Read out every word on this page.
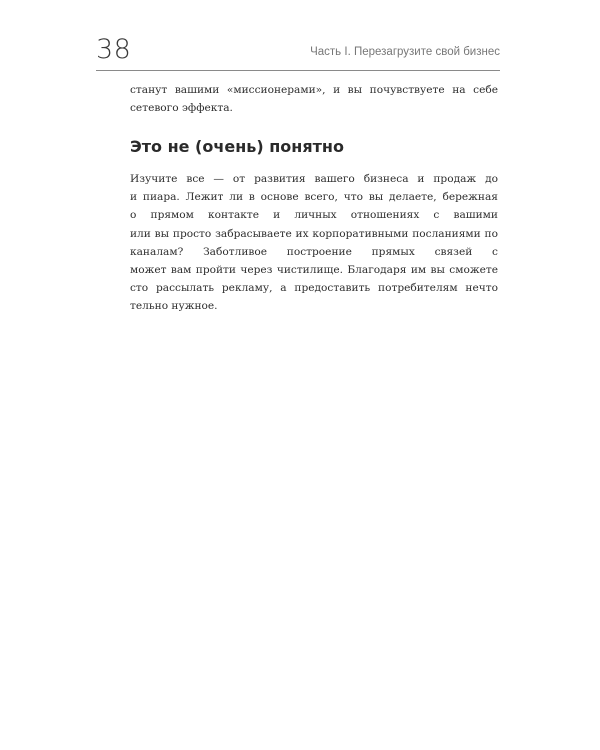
38	Часть I. Перезагрузите свой бизнес
станут вашими «миссионерами», и вы почувствуете на себе
сетевого эффекта.
Это не (очень) понятно
Изучите все — от развития вашего бизнеса и продаж до
и пиара. Лежит ли в основе всего, что вы делаете, бережная
о прямом контакте и личных отношениях с вашими
или вы просто забрасываете их корпоративными посланиями по
каналам? Заботливое построение прямых связей с
может вам пройти через чистилище. Благодаря им вы сможете
сто рассылать рекламу, а предоставить потребителям нечто
тельно нужное.
